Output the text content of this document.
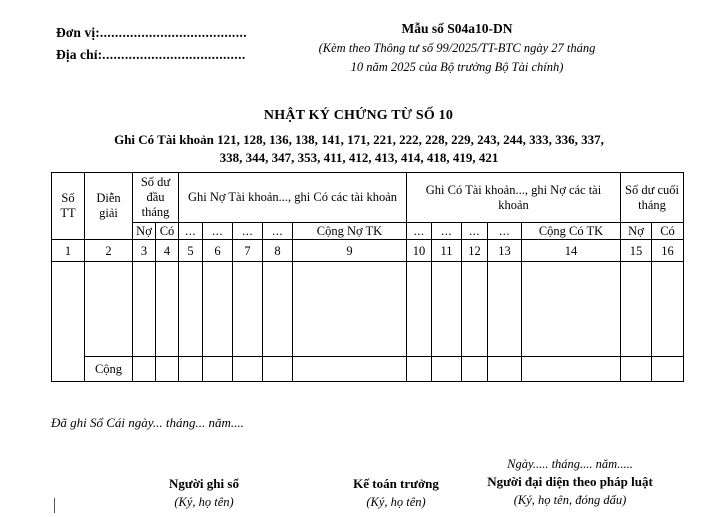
Đơn vị:.......................................
Địa chỉ:......................................
Mẫu số S04a10-DN
(Kèm theo Thông tư số 99/2025/TT-BTC ngày 27 tháng
10 năm 2025 của Bộ trưởng Bộ Tài chính)
NHẬT KÝ CHỨNG TỪ SỐ 10
Ghi Có Tài khoản 121, 128, 136, 138, 141, 171, 221, 222, 228, 229, 243, 244, 333, 336, 337,
338, 344, 347, 353, 411, 412, 413, 414, 418, 419, 421
Số TT	Diễn giải	Số dư đầu tháng		Ghi Nợ Tài khoản..., ghi Có các tài khoản					Ghi Có Tài khoản..., ghi Nợ các tài khoản					Số dư cuối tháng	
		Nợ	Có	...	...	...	...	Cộng Nợ TK	...	...	...	...	Cộng Có TK	Nợ	Có
1	2	3	4	5	6	7	8	9	10	11	12	13	14	15	16

	Cộng														
Đã ghi Sổ Cái ngày... tháng... năm....
Người ghi sổ
(Ký, họ tên)
Kế toán trưởng
(Ký, họ tên)
Ngày..... tháng.... năm.....
Người đại diện theo pháp luật
(Ký, họ tên, đóng dấu)
